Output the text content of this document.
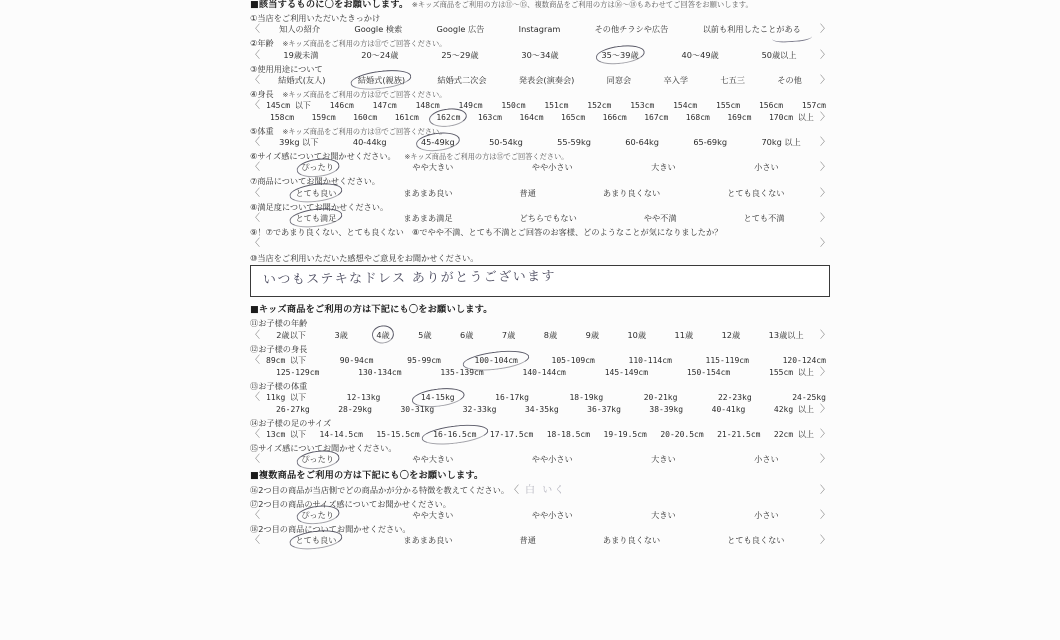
■該当するものに〇をお願いします。 ※キッズ商品をご利用の方は⑪〜⑮、複数商品をご利用の方は⑯〜⑱もあわせてご回答をお願いします。
①当店をご利用いただいたきっかけ
〈 知人の紹介	Google 検索	Google 広告	Instagram	その他チラシや広告	以前も利用したことがある 〉
②年齢 ※キッズ商品をご利用の方は⑪でご回答ください。
〈	19歳未満	20〜24歳	25〜29歳	30〜34歳	35〜39歳	40〜49歳	50歳以上 〉
③使用用途について
〈 結婚式(友人)	結婚式(親族)	結婚式二次会	発表会(演奏会)	同窓会	卒入学	七五三	その他 〉
④身長 ※キッズ商品をご利用の方は⑫でご回答ください。
〈 145cm 以下 146cm 147cm 148cm 149cm 150cm 151cm 152cm 153cm 154cm 155cm 156cm 157cm
158cm 159cm 160cm 161cm 162cm 163cm 164cm 165cm 166cm 167cm 168cm 169cm 170cm 以上 〉
⑤体重 ※キッズ商品をご利用の方は⑬でご回答ください。
〈 39kg 以下	40-44kg	45-49kg	50-54kg	55-59kg	60-64kg	65-69kg	70kg 以上 〉
⑥サイズ感についてお聞かせください。 ※キッズ商品をご利用の方は⑮でご回答ください。
〈	ぴったり	やや大きい	やや小さい	大きい	小さい	〉
⑦商品についてお聞かせください。
〈	とても良い	まあまあ良い	普通	あまり良くない	とても良くない	〉
⑧満足度についてお聞かせください。
〈	とても満足	まあまあ満足	どちらでもない	やや不満	とても不満	〉
⑨！⑦であまり良くない、とても良くない　⑧でやや不満、とても不満とご回答のお客様、どのようなことが気になりましたか？
〈	〉
⑩当店をご利用いただいた感想やご意見をお聞かせください。
いつもステキなドレス ありがとうございます
■キッズ商品をご利用の方は下記にも〇をお願いします。
⑪お子様の年齢
〈 2歳以下	3歳	4歳	5歳	6歳	7歳	8歳	9歳	10歳	11歳	12歳	13歳以上 〉
⑫お子様の身長
〈 89cm 以下	90-94cm	95-99cm	100-104cm	105-109cm	110-114cm	115-119cm	120-124cm
125-129cm	130-134cm	135-139cm	140-144cm	145-149cm	150-154cm	155cm 以上 〉
⑬お子様の体重
〈 11kg 以下	12-13kg	14-15kg	16-17kg	18-19kg	20-21kg	22-23kg	24-25kg
26-27kg	28-29kg	30-31kg	32-33kg	34-35kg	36-37kg	38-39kg	40-41kg	42kg 以上 〉
⑭お子様の足のサイズ
〈 13cm 以下 14-14.5cm 15-15.5cm 16-16.5cm 17-17.5cm 18-18.5cm 19-19.5cm 20-20.5cm 21-21.5cm 22cm 以上 〉
⑮サイズ感についてお聞かせください。
〈	ぴったり	やや大きい	やや小さい	大きい	小さい	〉
■複数商品をご利用の方は下記にも〇をお願いします。
⑯2つ目の商品が当店側でどの商品かが分かる特徴を教えてください。 〈 白 いく	〉
⑰2つ目の商品のサイズ感についてお聞かせください。
〈	ぴったり	やや大きい	やや小さい	大きい	小さい	〉
⑱2つ目の商品についてお聞かせください。
〈	とても良い	まあまあ良い	普通	あまり良くない	とても良くない	〉
